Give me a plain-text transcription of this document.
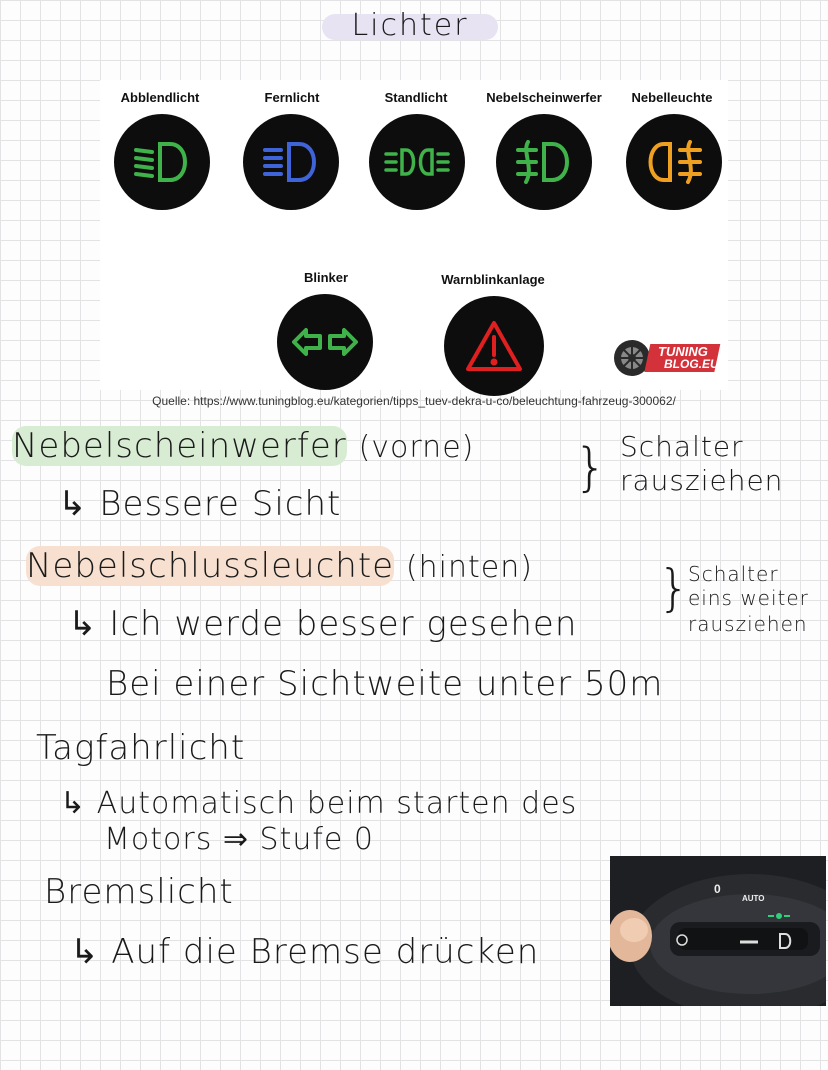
Lichter
Abblendlicht	Fernlicht	Standlicht	Nebelscheinwerfer	Nebelleuchte
Blinker	Warnblinkanlage
TUNING
BLOG.EU
Quelle: https://www.tuningblog.eu/kategorien/tipps_tuev-dekra-u-co/beleuchtung-fahrzeug-300062/
Nebelscheinwerfer (vorne) } Schalter
rausziehen
↳ Bessere Sicht
Nebelschlussleuchte (hinten)	}
Schalter
eins weiter
rausziehen
↳ Ich werde besser gesehen
Bei einer Sichtweite unter 50m
Tagfahrlicht
↳ Automatisch beim starten des
Motors ⇒ Stufe 0
Bremslicht
↳ Auf die Bremse drücken
0
AUTO
